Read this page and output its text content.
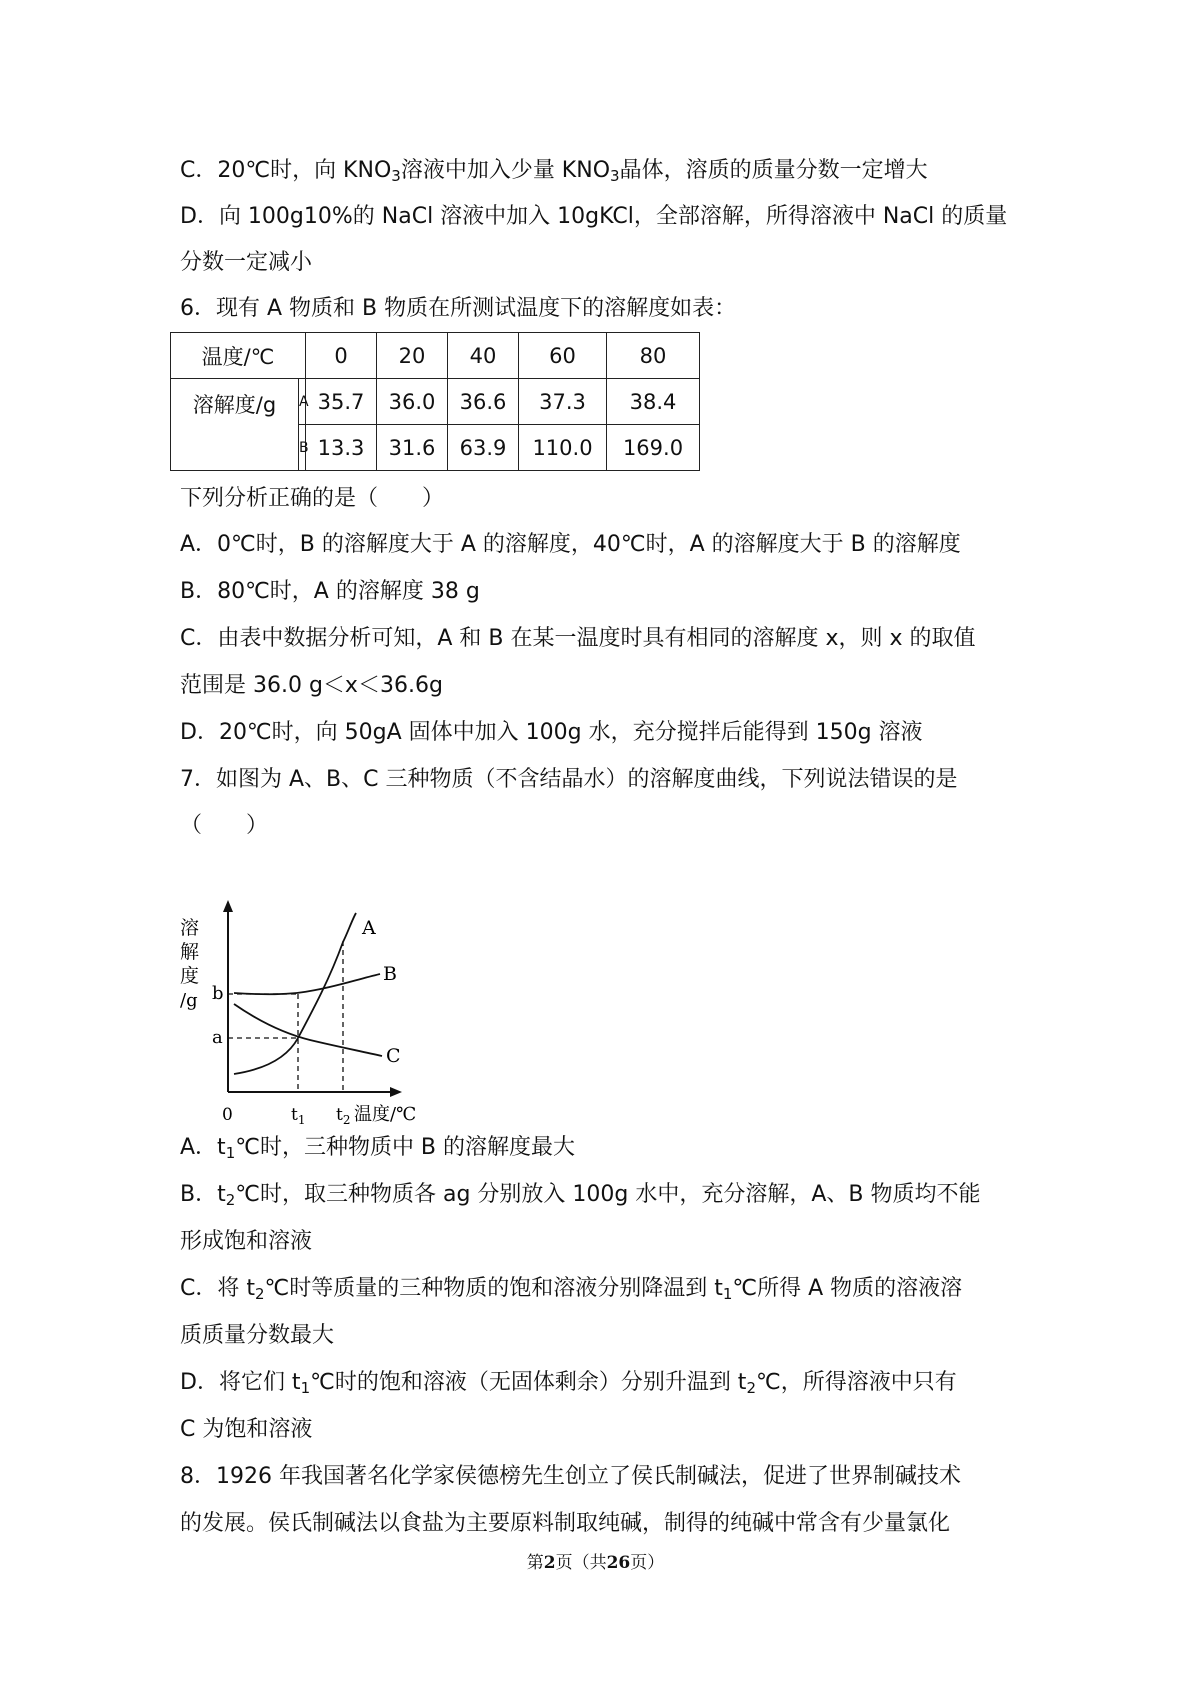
C．20℃时，向 $KNO_3$溶液中加入少量 $KNO_3$晶体，溶质的质量分数一定增大
D．向 100g10%的 NaCl 溶液中加入 10gKCl，全部溶解，所得溶液中 NaCl 的质量
分数一定减小
6．现有 A 物质和 B 物质在所测试温度下的溶解度如表：
温度/℃		0	20	40	60	80
溶解度/g	A	35.7	36.0	36.6	37.3	38.4
	B	13.3	31.6	63.9	110.0	169.0
下列分析正确的是（　　）
A．0℃时，B 的溶解度大于 A 的溶解度，40℃时，A 的溶解度大于 B 的溶解度
B．80℃时，A 的溶解度 38 g
C．由表中数据分析可知，A 和 B 在某一温度时具有相同的溶解度 x，则 x 的取值
范围是 36.0 g＜x＜36.6g
D．20℃时，向 50gA 固体中加入 100g 水，充分搅拌后能得到 150g 溶液
7．如图为 A、B、C 三种物质（不含结晶水）的溶解度曲线，下列说法错误的是
（　　）
溶
解
度
/g b
a
A
B
C
0	$t_1$ $t_2$ 温度/℃
A．$t_1℃$时，三种物质中 B 的溶解度最大
B．$t_2℃$时，取三种物质各 ag 分别放入 100g 水中，充分溶解，A、B 物质均不能
形成饱和溶液
C．将 $t_2℃$时等质量的三种物质的饱和溶液分别降温到 $t_1℃$所得 A 物质的溶液溶
质质量分数最大
D．将它们 $t_1℃$时的饱和溶液（无固体剩余）分别升温到 $t_2℃$，所得溶液中只有
C 为饱和溶液
8．1926 年我国著名化学家侯德榜先生创立了侯氏制碱法，促进了世界制碱技术
的发展。侯氏制碱法以食盐为主要原料制取纯碱，制得的纯碱中常含有少量氯化
第2页（共26页）
